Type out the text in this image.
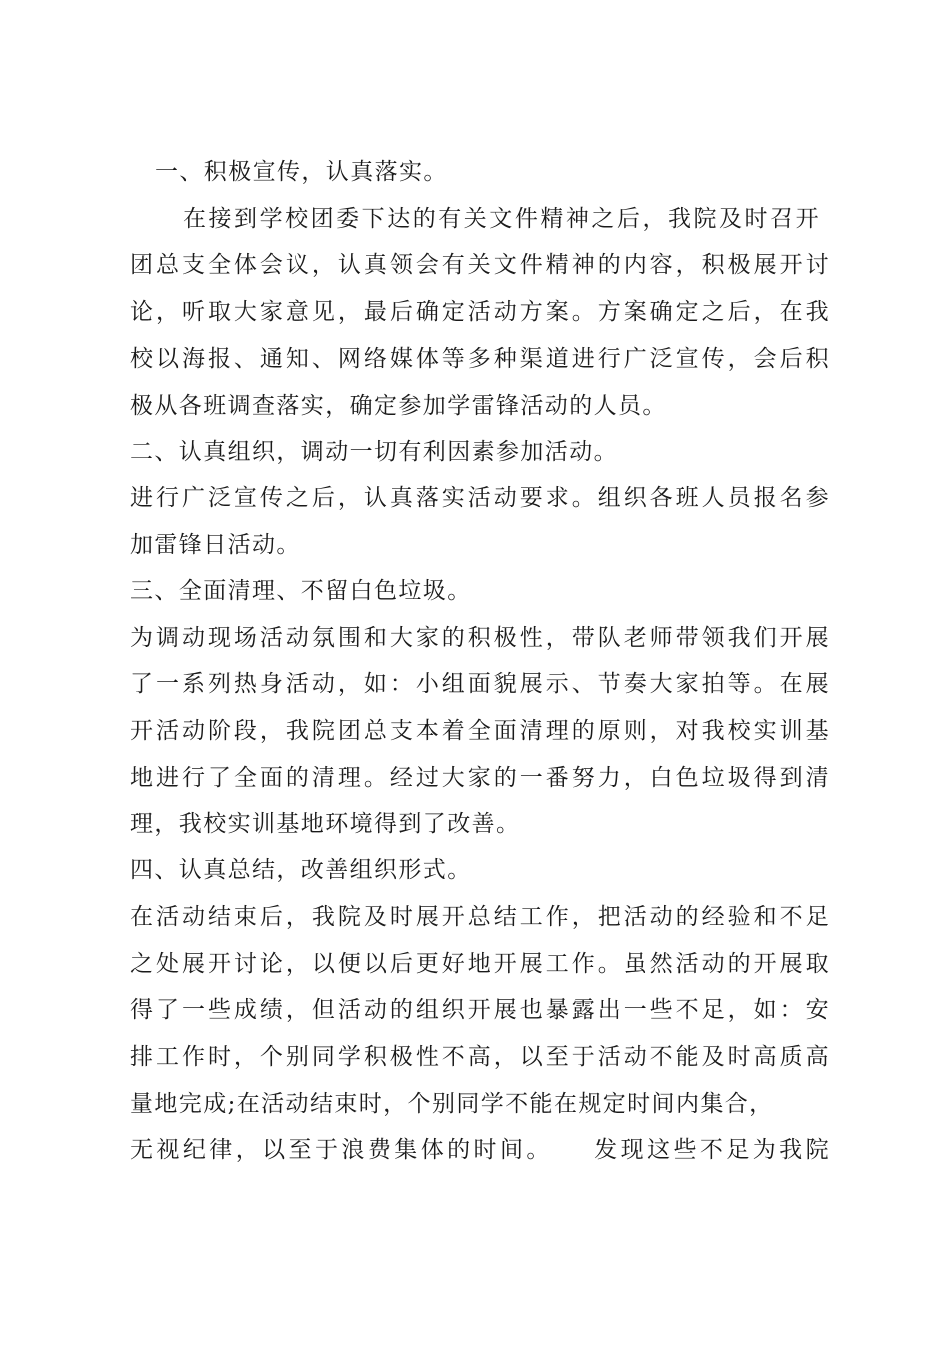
一、积极宣传，认真落实。
在接到学校团委下达的有关文件精神之后，我院及时召开
团总支全体会议，认真领会有关文件精神的内容，积极展开讨
论，听取大家意见，最后确定活动方案。方案确定之后，在我
校以海报、通知、网络媒体等多种渠道进行广泛宣传，会后积
极从各班调查落实，确定参加学雷锋活动的人员。
二、认真组织，调动一切有利因素参加活动。
进行广泛宣传之后，认真落实活动要求。组织各班人员报名参
加雷锋日活动。
三、全面清理、不留白色垃圾。
为调动现场活动氛围和大家的积极性，带队老师带领我们开展
了一系列热身活动，如：小组面貌展示、节奏大家拍等。在展
开活动阶段，我院团总支本着全面清理的原则，对我校实训基
地进行了全面的清理。经过大家的一番努力，白色垃圾得到清
理，我校实训基地环境得到了改善。
四、认真总结，改善组织形式。
在活动结束后，我院及时展开总结工作，把活动的经验和不足
之处展开讨论，以便以后更好地开展工作。虽然活动的开展取
得了一些成绩，但活动的组织开展也暴露出一些不足，如：安
排工作时，个别同学积极性不高，以至于活动不能及时高质高
量地完成;在活动结束时，个别同学不能在规定时间内集合，
无视纪律，以至于浪费集体的时间。　　发现这些不足为我院
